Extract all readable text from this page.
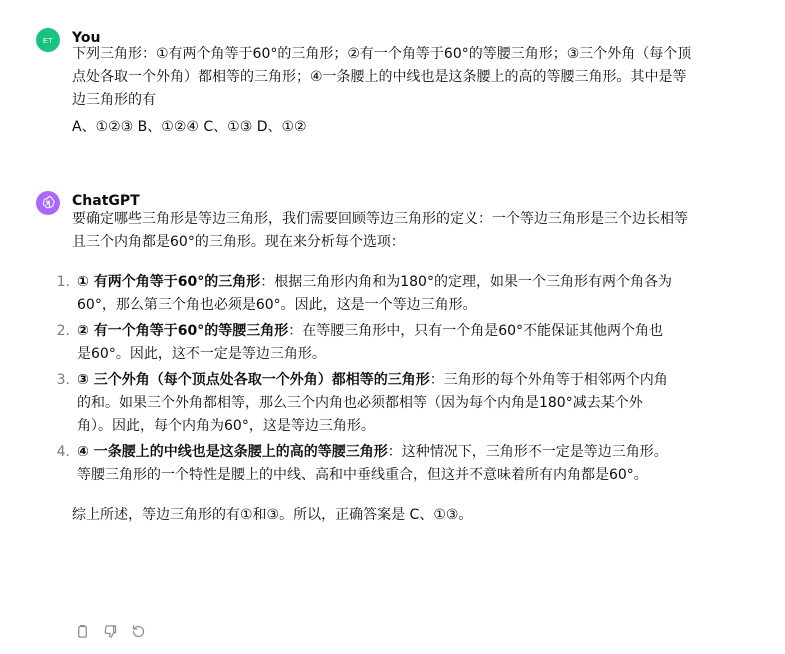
ET You

下列三角形：①有两个角等于60°的三角形；②有一个角等于60°的等腰三角形；③三个外角（每个顶点处各取一个外角）都相等的三角形；④一条腰上的中线也是这条腰上的高的等腰三角形。其中是等边三角形的有

A、①②③ B、①②④ C、①③ D、①②

ChatGPT

要确定哪些三角形是等边三角形，我们需要回顾等边三角形的定义：一个等边三角形是三个边长相等且三个内角都是60°的三角形。现在来分析每个选项：

1. ① 有两个角等于60°的三角形：根据三角形内角和为180°的定理，如果一个三角形有两个角各为60°，那么第三个角也必须是60°。因此，这是一个等边三角形。
2. ② 有一个角等于60°的等腰三角形：在等腰三角形中，只有一个角是60°不能保证其他两个角也是60°。因此，这不一定是等边三角形。
3. ③ 三个外角（每个顶点处各取一个外角）都相等的三角形：三角形的每个外角等于相邻两个内角的和。如果三个外角都相等，那么三个内角也必须都相等（因为每个内角是180°减去某个外角）。因此，每个内角为60°，这是等边三角形。
4. ④ 一条腰上的中线也是这条腰上的高的等腰三角形：这种情况下，三角形不一定是等边三角形。等腰三角形的一个特性是腰上的中线、高和中垂线重合，但这并不意味着所有内角都是60°。

综上所述，等边三角形的有①和③。所以，正确答案是 C、①③。
